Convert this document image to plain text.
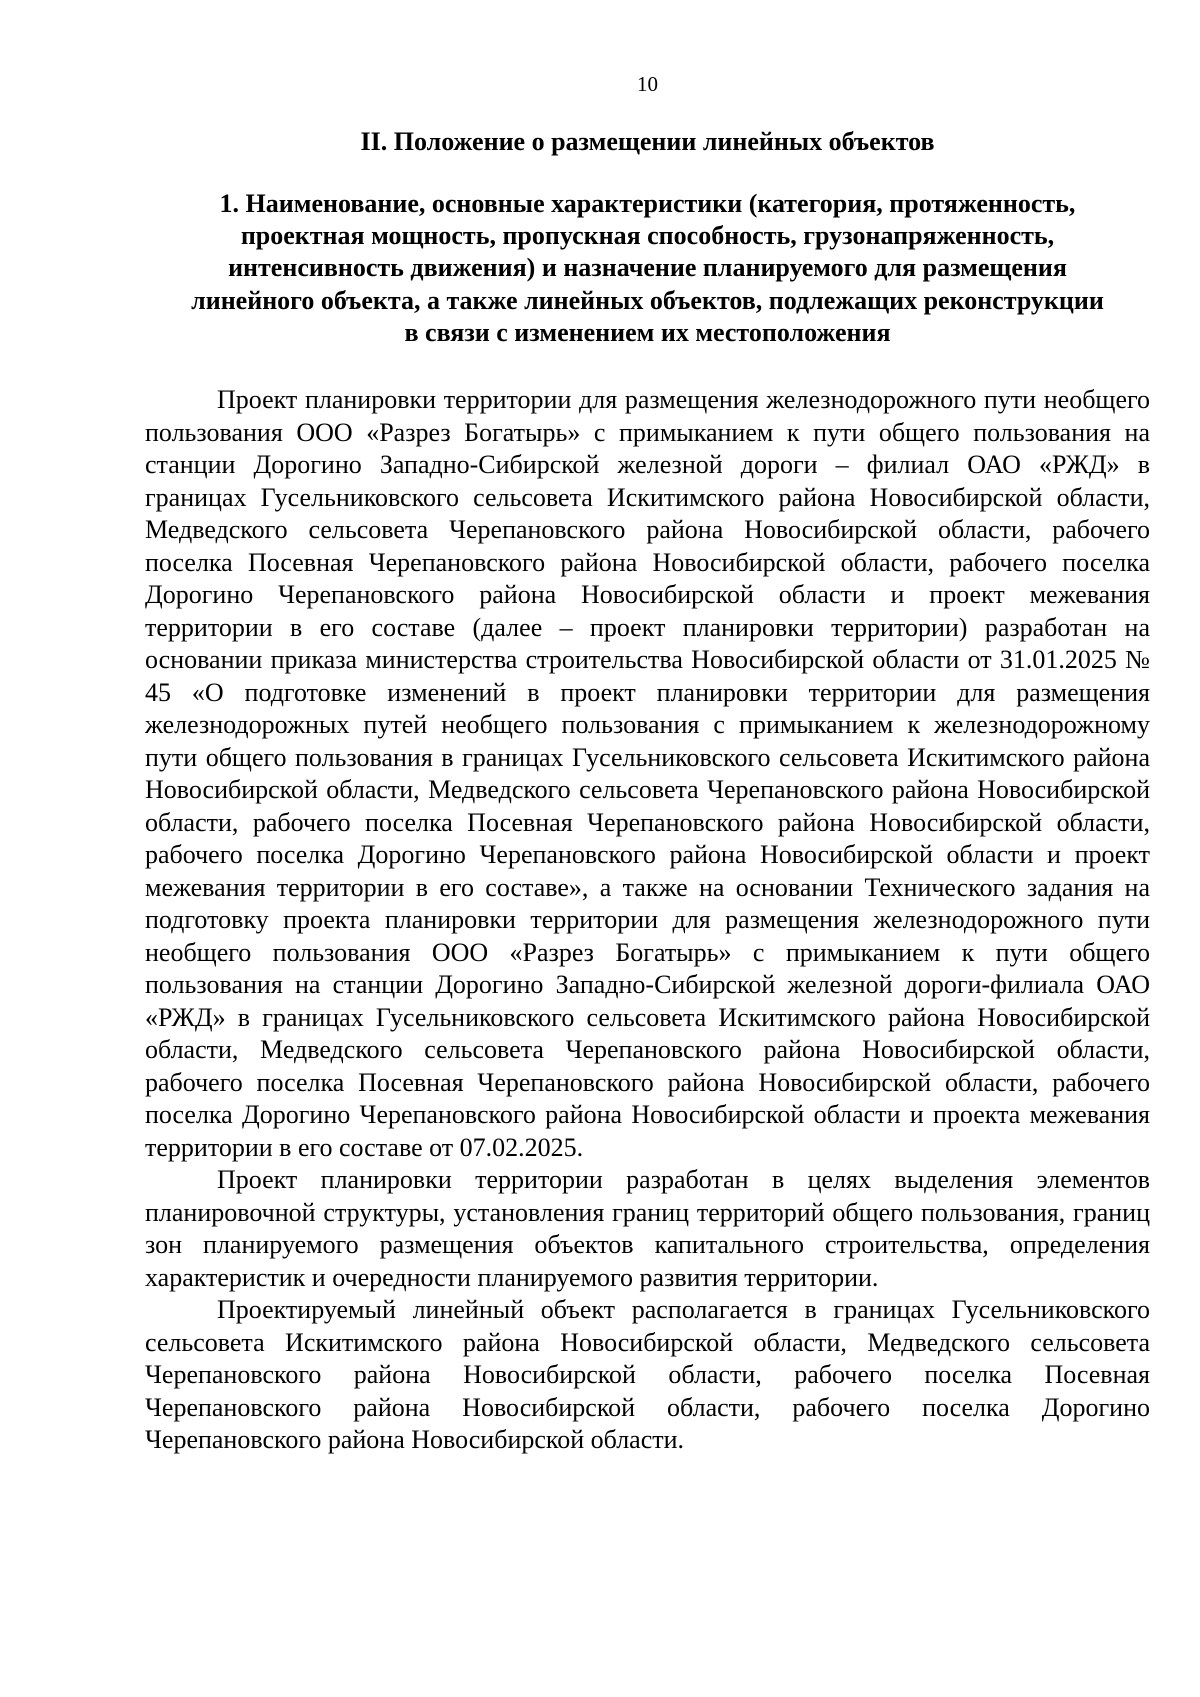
10
II. Положение о размещении линейных объектов
1. Наименование, основные характеристики (категория, протяженность,
проектная мощность, пропускная способность, грузонапряженность,
интенсивность движения) и назначение планируемого для размещения
линейного объекта, а также линейных объектов, подлежащих реконструкции
в связи с изменением их местоположения

Проект планировки территории для размещения железнодорожного пути необщего пользования ООО «Разрез Богатырь» с примыканием к пути общего пользования на станции Дорогино Западно-Сибирской железной дороги – филиал ОАО «РЖД» в границах Гусельниковского сельсовета Искитимского района Новосибирской области, Медведского сельсовета Черепановского района Новосибирской области, рабочего поселка Посевная Черепановского района Новосибирской области, рабочего поселка Дорогино Черепановского района Новосибирской области и проект межевания территории в его составе (далее – проект планировки территории) разработан на основании приказа министерства строительства Новосибирской области от 31.01.2025 № 45 «О подготовке изменений в проект планировки территории для размещения железнодорожных путей необщего пользования с примыканием к железнодорожному пути общего пользования в границах Гусельниковского сельсовета Искитимского района Новосибирской области, Медведского сельсовета Черепановского района Новосибирской области, рабочего поселка Посевная Черепановского района Новосибирской области, рабочего поселка Дорогино Черепановского района Новосибирской области и проект межевания территории в его составе», а также на основании Технического задания на подготовку проекта планировки территории для размещения железнодорожного пути необщего пользования ООО «Разрез Богатырь» с примыканием к пути общего пользования на станции Дорогино Западно-Сибирской железной дороги-филиала ОАО «РЖД» в границах Гусельниковского сельсовета Искитимского района Новосибирской области, Медведского сельсовета Черепановского района Новосибирской области, рабочего поселка Посевная Черепановского района Новосибирской области, рабочего поселка Дорогино Черепановского района Новосибирской области и проекта межевания территории в его составе от 07.02.2025.

Проект планировки территории разработан в целях выделения элементов планировочной структуры, установления границ территорий общего пользования, границ зон планируемого размещения объектов капитального строительства, определения характеристик и очередности планируемого развития территории.

Проектируемый линейный объект располагается в границах Гусельниковского сельсовета Искитимского района Новосибирской области, Медведского сельсовета Черепановского района Новосибирской области, рабочего поселка Посевная Черепановского района Новосибирской области, рабочего поселка Дорогино Черепановского района Новосибирской области.
